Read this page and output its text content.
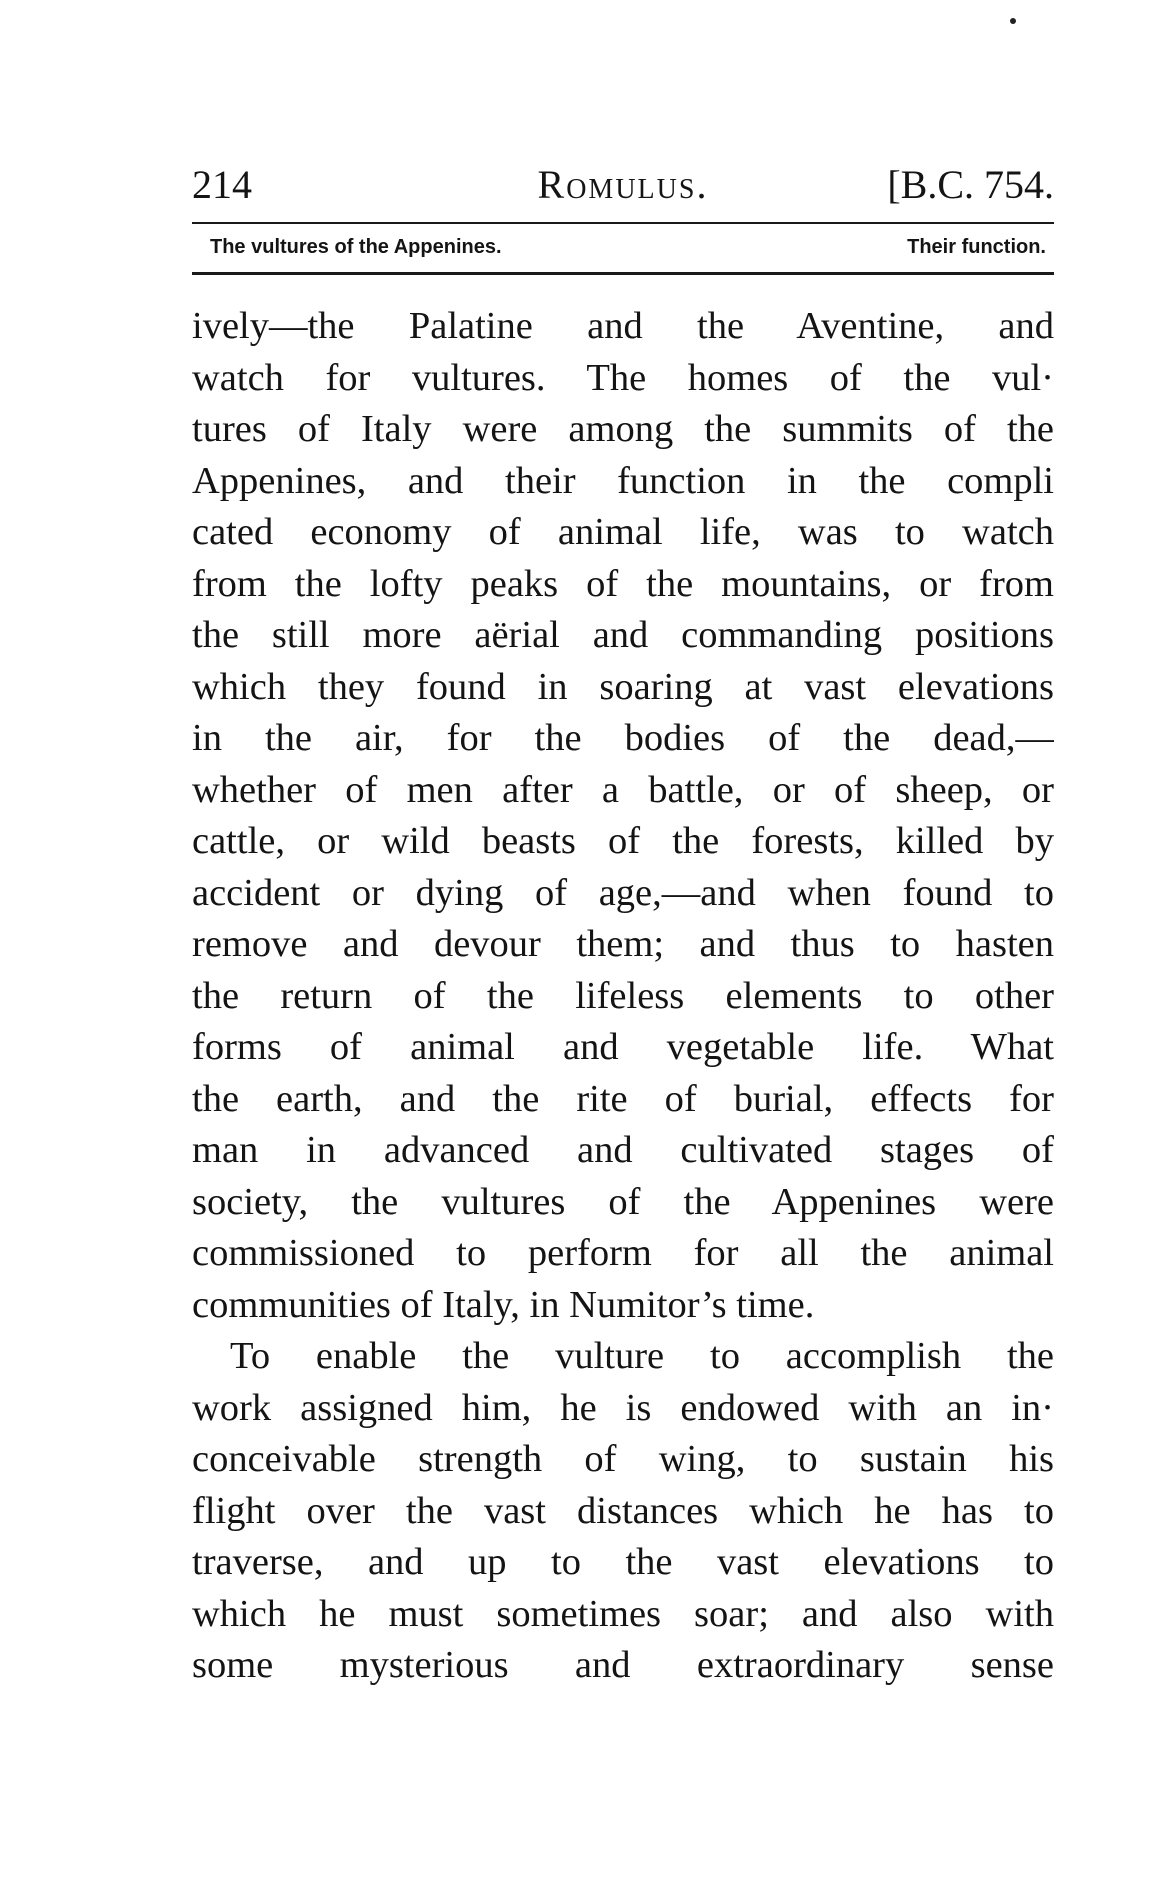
214	Romulus.	[B.C. 754.
The vultures of the Appenines.	Their function.
ively—the Palatine and the Aventine, and
watch for vultures. The homes of the vul·
tures of Italy were among the summits of the
Appenines, and their function in the compli
cated economy of animal life, was to watch
from the lofty peaks of the mountains, or from
the still more aërial and commanding positions
which they found in soaring at vast elevations
in the air, for the bodies of the dead,—
whether of men after a battle, or of sheep, or
cattle, or wild beasts of the forests, killed by
accident or dying of age,—and when found to
remove and devour them; and thus to hasten
the return of the lifeless elements to other
forms of animal and vegetable life. What
the earth, and the rite of burial, effects for
man in advanced and cultivated stages of
society, the vultures of the Appenines were
commissioned to perform for all the animal
communities of Italy, in Numitor’s time.
To enable the vulture to accomplish the
work assigned him, he is endowed with an in·
conceivable strength of wing, to sustain his
flight over the vast distances which he has to
traverse, and up to the vast elevations to
which he must sometimes soar; and also with
some mysterious and extraordinary sense
